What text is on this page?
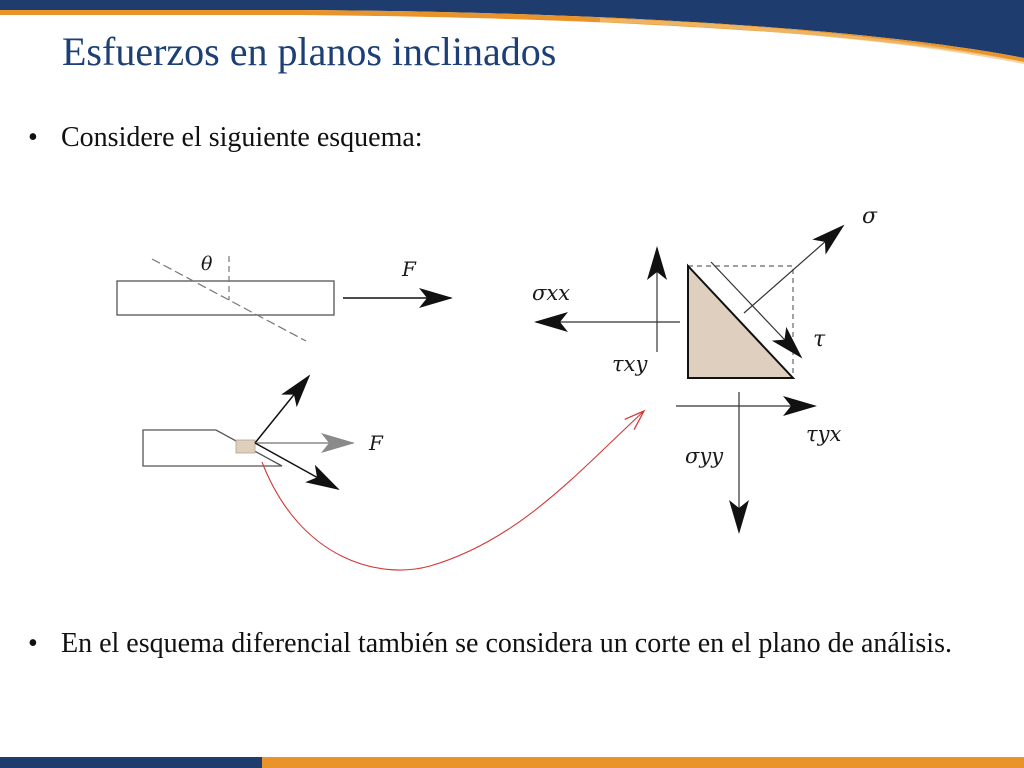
Esfuerzos en planos inclinados
• Considere el siguiente esquema:
θ	F
F
σ
τ
σxx
τxy
τyx
σyy
• En el esquema diferencial también se considera un corte en el plano de análisis.
